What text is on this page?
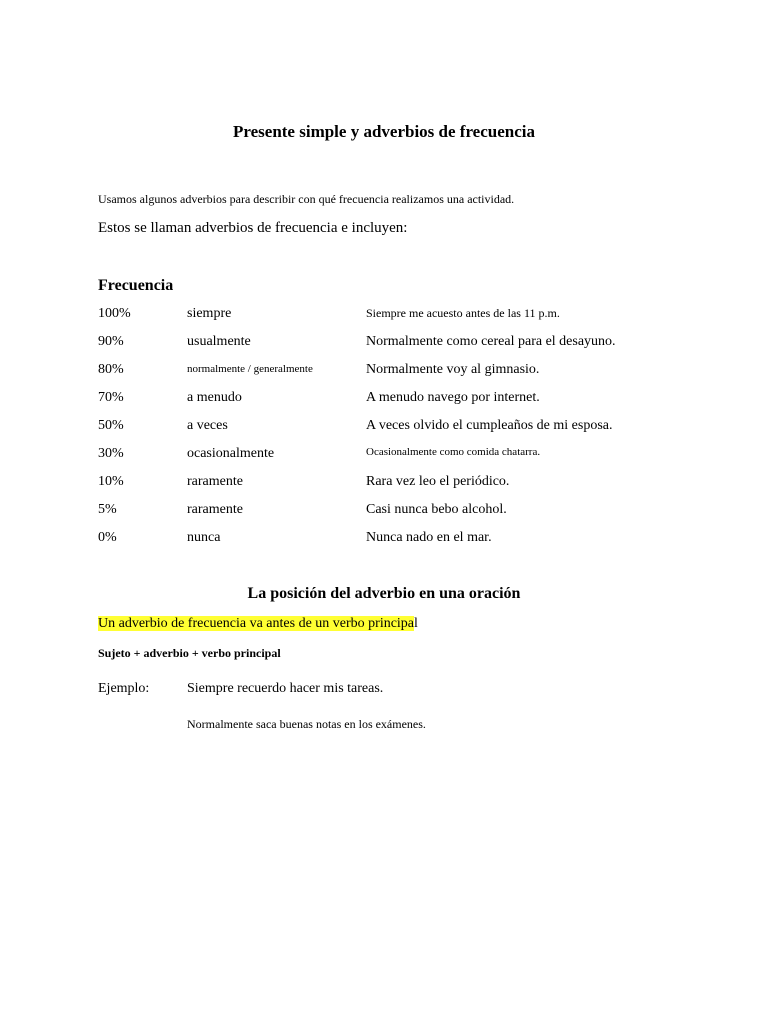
Presente simple y adverbios de frecuencia
Usamos algunos adverbios para describir con qué frecuencia realizamos una actividad.
Estos se llaman adverbios de frecuencia e incluyen:
Frecuencia
100%	siempre	Siempre me acuesto antes de las 11 p.m.
90%	usualmente	Normalmente como cereal para el desayuno.
80%	normalmente / generalmente	Normalmente voy al gimnasio.
70%	a menudo	A menudo navego por internet.
50%	a veces	A veces olvido el cumpleaños de mi esposa.
30%	ocasionalmente	Ocasionalmente como comida chatarra.
10%	raramente	Rara vez leo el periódico.
5%	raramente	Casi nunca bebo alcohol.
0%	nunca	Nunca nado en el mar.
La posición del adverbio en una oración
Un adverbio de frecuencia va antes de un verbo principal
Sujeto + adverbio + verbo principal
Ejemplo:	Siempre recuerdo hacer mis tareas.
Normalmente saca buenas notas en los exámenes.
